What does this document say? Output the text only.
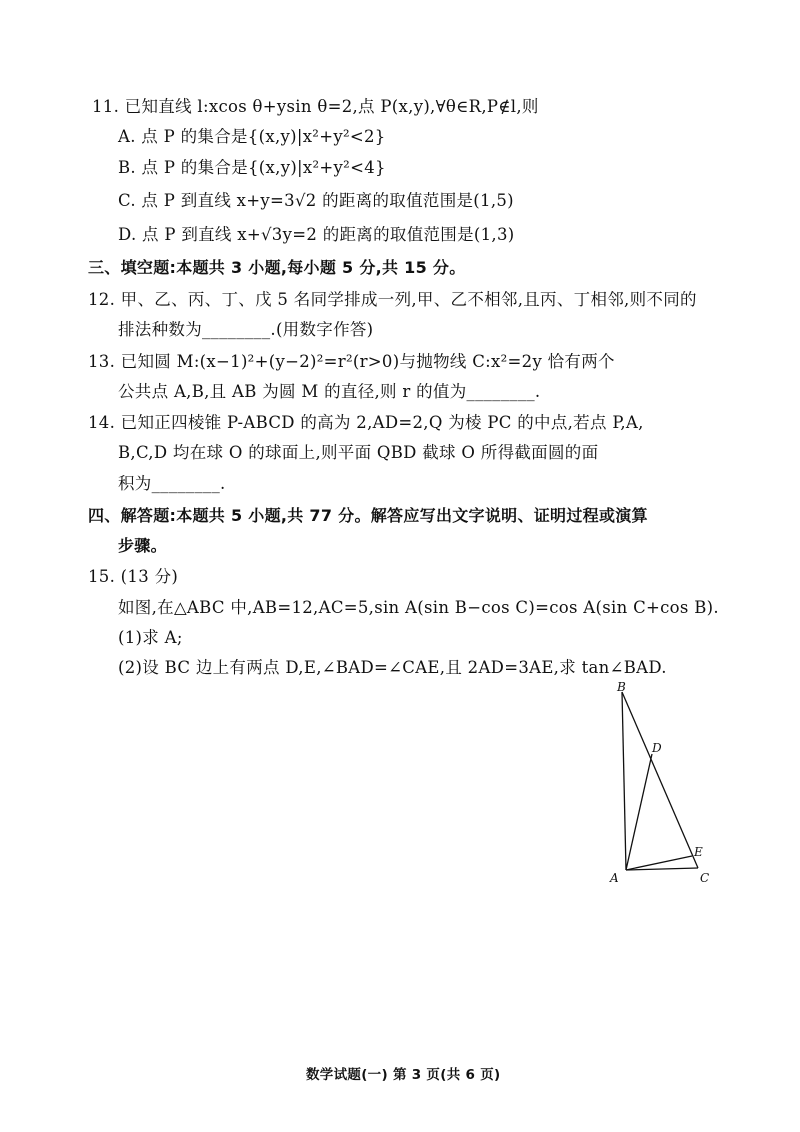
11. 已知直线 l:xcos θ+ysin θ=2,点 P(x,y),∀θ∈R,P∉l,则
A. 点 P 的集合是{(x,y)|x²+y²<2}
B. 点 P 的集合是{(x,y)|x²+y²<4}
C. 点 P 到直线 x+y=3√2 的距离的取值范围是(1,5)
D. 点 P 到直线 x+√3y=2 的距离的取值范围是(1,3)
三、填空题:本题共 3 小题,每小题 5 分,共 15 分。
12. 甲、乙、丙、丁、戊 5 名同学排成一列,甲、乙不相邻,且丙、丁相邻,则不同的
排法种数为________.(用数字作答)
13. 已知圆 M:(x−1)²+(y−2)²=r²(r>0)与抛物线 C:x²=2y 恰有两个
公共点 A,B,且 AB 为圆 M 的直径,则 r 的值为________.
14. 已知正四棱锥 P-ABCD 的高为 2,AD=2,Q 为棱 PC 的中点,若点 P,A,
B,C,D 均在球 O 的球面上,则平面 QBD 截球 O 所得截面圆的面
积为________.
四、解答题:本题共 5 小题,共 77 分。解答应写出文字说明、证明过程或演算
步骤。
15. (13 分)
如图,在△ABC 中,AB=12,AC=5,sin A(sin B−cos C)=cos A(sin C+cos B).
(1)求 A;
(2)设 BC 边上有两点 D,E,∠BAD=∠CAE,且 2AD=3AE,求 tan∠BAD.
B
D
E
A	C
数学试题(一) 第 3 页(共 6 页)
